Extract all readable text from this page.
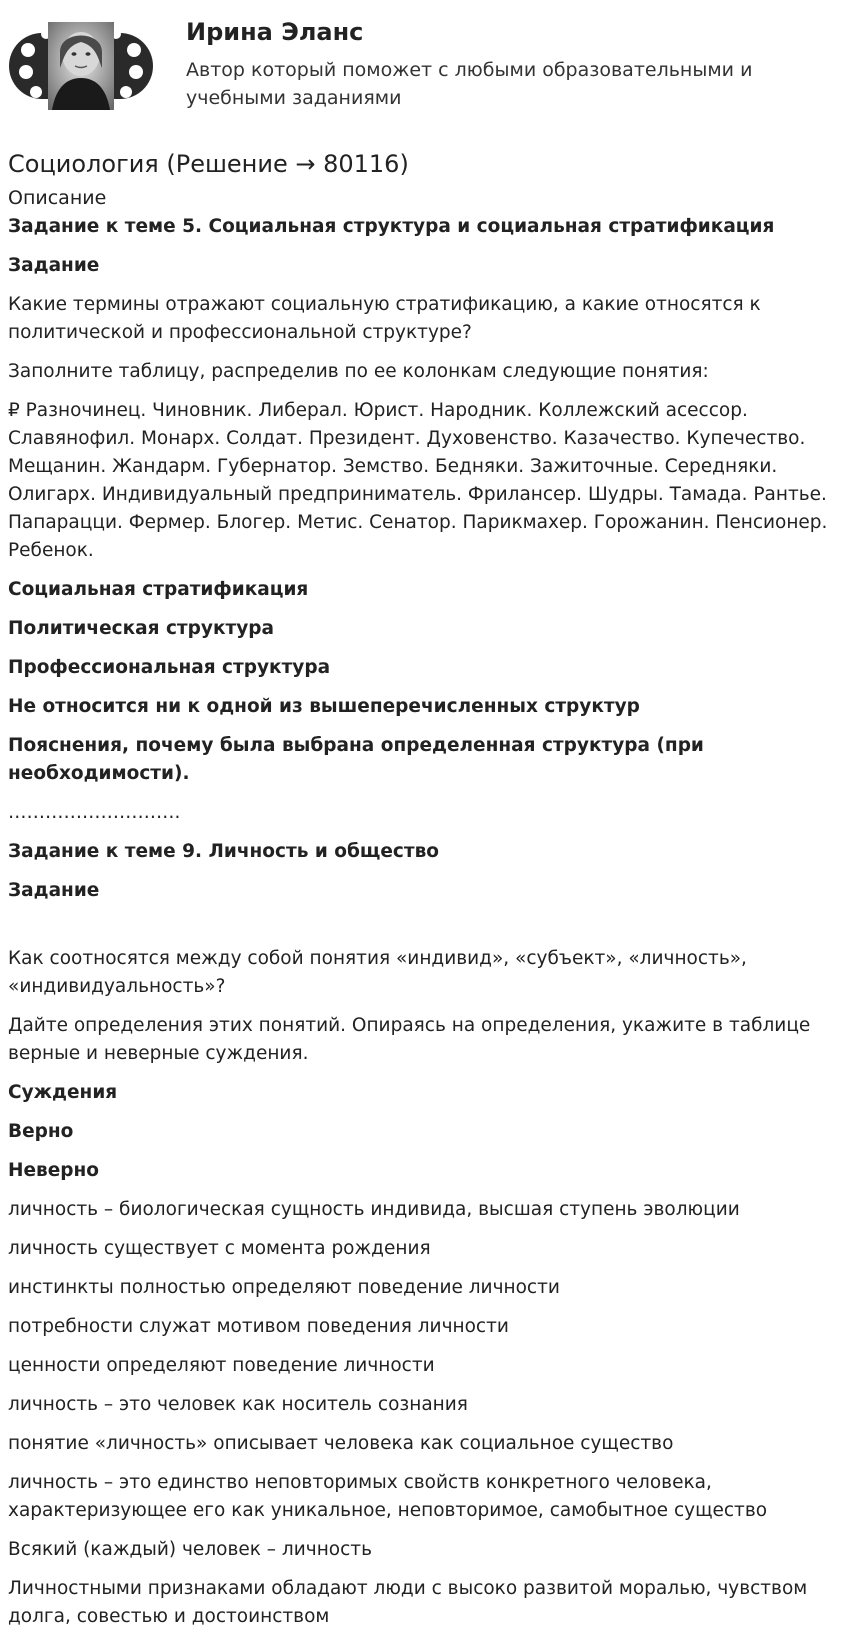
Ирина Эланс
Автор который поможет с любыми образовательными и учебными заданиями
Социология (Решение → 80116)
Описание

Задание к теме 5. Социальная структура и социальная стратификация

Задание

Какие термины отражают социальную стратификацию, а какие относятся к политической и профессиональной структуре?

Заполните таблицу, распределив по ее колонкам следующие понятия:

₽ Разночинец. Чиновник. Либерал. Юрист. Народник. Коллежский асессор. Славянофил. Монарх. Солдат. Президент. Духовенство. Казачество. Купечество. Мещанин. Жандарм. Губернатор. Земство. Бедняки. Зажиточные. Середняки. Олигарх. Индивидуальный предприниматель. Фрилансер. Шудры. Тамада. Рантье. Папарацци. Фермер. Блогер. Метис. Сенатор. Парикмахер. Горожанин. Пенсионер. Ребенок.

Социальная стратификация

Политическая структура

Профессиональная структура

Не относится ни к одной из вышеперечисленных структур

Пояснения, почему была выбрана определенная структура (при необходимости).

……………………….

Задание к теме 9. Личность и общество

Задание

Как соотносятся между собой понятия «индивид», «субъект», «личность», «индивидуальность»?

Дайте определения этих понятий. Опираясь на определения, укажите в таблице верные и неверные суждения.

Суждения

Верно

Неверно

личность – биологическая сущность индивида, высшая ступень эволюции

личность существует с момента рождения

инстинкты полностью определяют поведение личности

потребности служат мотивом поведения личности

ценности определяют поведение личности

личность – это человек как носитель сознания

понятие «личность» описывает человека как социальное существо

личность – это единство неповторимых свойств конкретного человека, характеризующее его как уникальное, неповторимое, самобытное существо

Всякий (каждый) человек – личность

Личностными признаками обладают люди с высоко развитой моралью, чувством долга, совестью и достоинством
